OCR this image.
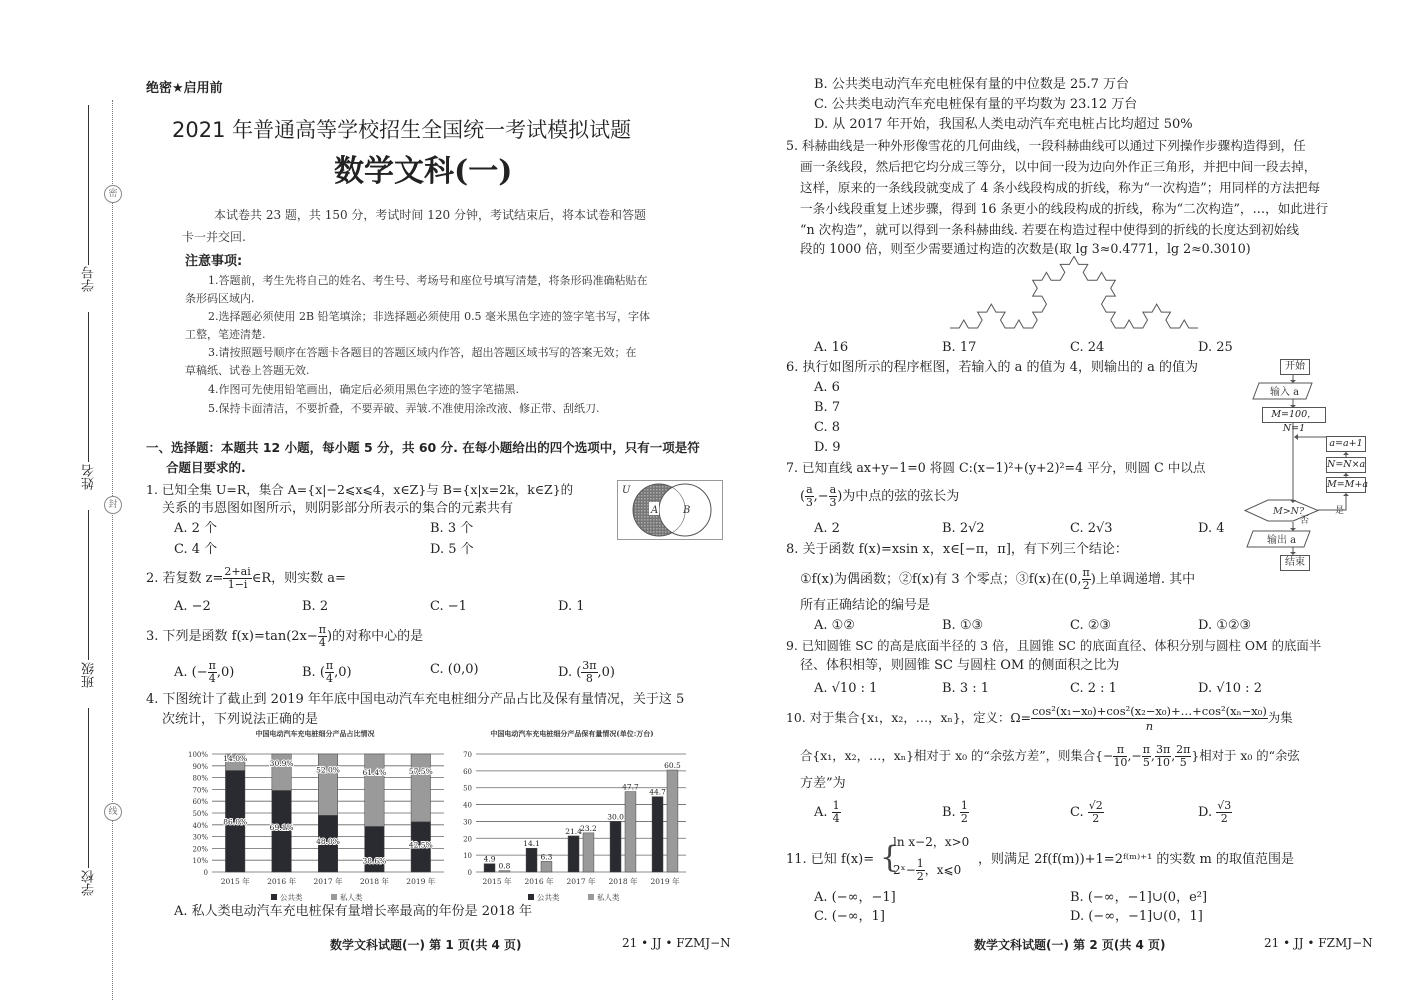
学号
姓名
班级
学校
密
封
线
绝密★启用前
2021 年普通高等学校招生全国统一考试模拟试题
数学文科(一)
本试卷共 23 题，共 150 分，考试时间 120 分钟，考试结束后，将本试卷和答题
卡一并交回.
注意事项:
1.答题前，考生先将自己的姓名、考生号、考场号和座位号填写清楚，将条形码准确粘贴在
条形码区域内.
2.选择题必须使用 2B 铅笔填涂；非选择题必须使用 0.5 毫米黑色字迹的签字笔书写，字体
工整，笔迹清楚.
3.请按照题号顺序在答题卡各题目的答题区域内作答，超出答题区域书写的答案无效；在
草稿纸、试卷上答题无效.
4.作图可先使用铅笔画出，确定后必须用黑色字迹的签字笔描黑.
5.保持卡面清洁，不要折叠，不要弄破、弄皱.不准使用涂改液、修正带、刮纸刀.
一、选择题：本题共 12 小题，每小题 5 分，共 60 分. 在每小题给出的四个选项中，只有一项是符
合题目要求的.
1. 已知全集 U=R，集合 A={x|−2⩽x⩽4，x∈Z}与 B={x|x=2k，k∈Z}的
关系的韦恩图如图所示，则阴影部分所表示的集合的元素共有
A. 2 个	B. 3 个
C. 4 个	D. 5 个
U
A B
2. 若复数 $z= \frac{2+ai}{1-i}$ ∈R，则实数 a=
A. −2	B. 2	C. −1	D. 1
3. 下列是函数 $f(x)=\tan(2x- \frac{\pi}{4}$ )的对称中心的是
A. (− $\frac{\pi}{4} ,0$)	B. ( $\frac{\pi}{4} ,0$)	C. (0,0)	D. ( $\frac{3\pi}{8} ,0$)
4. 下图统计了截止到 2019 年年底中国电动汽车充电桩细分产品占比及保有量情况，关于这 5
次统计，下列说法正确的是
中国电动汽车充电桩细分产品占比情况
0
10%
20%
30%
40%
50%
60%
70%
80%
90%
100%
2015 年
86.0%
14.0%
2016 年
69.1%
30.9%
2017 年
48.0%
52.0%
2018 年
38.6%
61.4%
2019 年
42.5%
57.5%
公共类	私人类
中国电动汽车充电桩细分产品保有量情况(单位:万台)
0
10
20
30
40
50
60
70
2015 年
4.9
0.8
2016 年
14.1
6.3
2017 年
21.4
23.2
2018 年
30.0
47.7
2019 年
44.7
60.5
公共类	私人类
A. 私人类电动汽车充电桩保有量增长率最高的年份是 2018 年
数学文科试题(一) 第 1 页(共 4 页)	21 • JJ • FZMJ−N
B. 公共类电动汽车充电桩保有量的中位数是 25.7 万台
C. 公共类电动汽车充电桩保有量的平均数为 23.12 万台
D. 从 2017 年开始，我国私人类电动汽车充电桩占比均超过 50%
5. 科赫曲线是一种外形像雪花的几何曲线，一段科赫曲线可以通过下列操作步骤构造得到，任
画一条线段，然后把它均分成三等分，以中间一段为边向外作正三角形，并把中间一段去掉，
这样，原来的一条线段就变成了 4 条小线段构成的折线，称为“一次构造”；用同样的方法把每
一条小线段重复上述步骤，得到 16 条更小的线段构成的折线，称为“二次构造”，…，如此进行
“n 次构造”，就可以得到一条科赫曲线. 若要在构造过程中使得到的折线的长度达到初始线
段的 1000 倍，则至少需要通过构造的次数是(取 lg 3≈0.4771，lg 2≈0.3010)
A. 16	B. 17	C. 24	D. 25
6. 执行如图所示的程序框图，若输入的 a 的值为 4，则输出的 a 的值为
A. 6
B. 7
C. 8
D. 9
M>N?
输出 a
输入 a
是
否
开始
M=100，N=1
a=a+1
N=N×a
M=M+a
结束
7. 已知直线 ax+y−1=0 将圆 C:(x−1)²+(y+2)²=4 平分，则圆 C 中以点
( $\frac{a}{3}$ ,− $\frac{a}{3}$ )为中点的弦的弦长为
A. 2	B. 2√2	C. 2√3	D. 4
8. 关于函数 f(x)=xsin x，x∈[−π，π]，有下列三个结论：
①f(x)为偶函数；②f(x)有 3 个零点；③f(x)在(0, $\frac{\pi}{2}$ )上单调递增. 其中
所有正确结论的编号是
A. ①②	B. ①③	C. ②③	D. ①②③
9. 已知圆锥 SC 的高是底面半径的 3 倍，且圆锥 SC 的底面直径、体积分别与圆柱 OM 的底面半
径、体积相等，则圆锥 SC 与圆柱 OM 的侧面积之比为
A. √10 : 1	B. 3 : 1	C. 2 : 1	D. √10 : 2
10. 对于集合{x₁，x₂，…，xₙ}，定义：$\Omega= \frac{\text{cos²(x₁−x₀)+cos²(x₂−x₀)+…+cos²(xₙ−x₀)}}{n}$ 为集
合{x₁，x₂，…，xₙ}相对于 x₀ 的“余弦方差”，则集合{− $\frac{\pi}{10}$ ,− $\frac{\pi}{5}$ , $\frac{3\pi}{10}$ , $\frac{2\pi}{5}$ }相对于 x₀ 的“余弦
方差”为
A. $\frac{1}{4}$	B. $\frac{1}{2}$	C. $\frac{√2}{2}$	D. $\frac{√3}{2}$
11. 已知 f(x)= {
ln x−2，x>0
2ˣ− $\frac{1}{2}$ ，x⩽0
，则满足 2f(f(m))+1=2ᶠ⁽ᵐ⁾⁺¹ 的实数 m 的取值范围是
A. (−∞，−1]	B. (−∞，−1]∪(0，e²]
C. (−∞，1]	D. (−∞，−1]∪(0，1]
数学文科试题(一) 第 2 页(共 4 页)	21 • JJ • FZMJ−N
